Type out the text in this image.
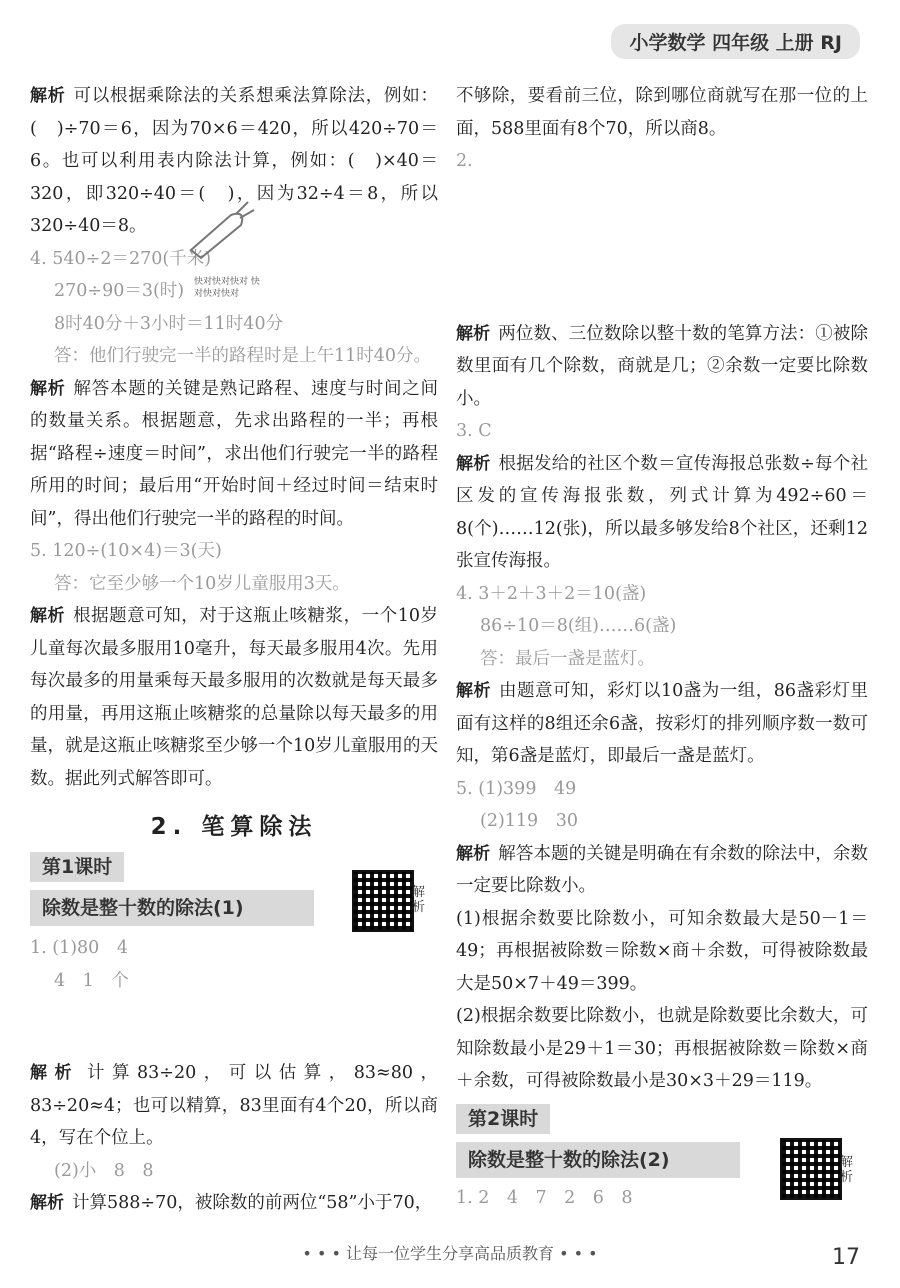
小学数学 四年级 上册 RJ

解析 可以根据乘除法的关系想乘法算除法，例如：(　)÷70＝6，因为70×6＝420，所以420÷70＝6。也可以利用表内除法计算，例如：(　)×40＝320，即320÷40＝(　)，因为32÷4＝8，所以320÷40＝8。

4. 540÷2＝270(千米)
270÷90＝3(时)
8时40分＋3小时＝11时40分
答：他们行驶完一半的路程时是上午11时40分。

解析 解答本题的关键是熟记路程、速度与时间之间的数量关系。根据题意，先求出路程的一半；再根据“路程÷速度＝时间”，求出他们行驶完一半的路程所用的时间；最后用“开始时间＋经过时间＝结束时间”，得出他们行驶完一半的路程的时间。

5. 120÷(10×4)＝3(天)
答：它至少够一个10岁儿童服用3天。

解析 根据题意可知，对于这瓶止咳糖浆，一个10岁儿童每次最多服用10毫升，每天最多服用4次。先用每次最多的用量乘每天最多服用的次数就是每天最多的用量，再用这瓶止咳糖浆的总量除以每天最多的用量，就是这瓶止咳糖浆至少够一个10岁儿童服用的天数。据此列式解答即可。

2. 笔算除法
第1课时
除数是整十数的除法(1)
1. (1)80　4
4　1　个

解析 计算83÷20，可以估算，83≈80，83÷20≈4；也可以精算，83里面有4个20，所以商4，写在个位上。

(2)小　8　8

解析 计算588÷70，被除数的前两位“58”小于70，

快对快对快对 快对快对快对
解析

不够除，要看前三位，除到哪位商就写在那一位的上面，588里面有8个70，所以商8。

2.

解析 两位数、三位数除以整十数的笔算方法：①被除数里面有几个除数，商就是几；②余数一定要比除数小。

3. C

解析 根据发给的社区个数＝宣传海报总张数÷每个社区发的宣传海报张数，列式计算为492÷60＝8(个)……12(张)，所以最多够发给8个社区，还剩12张宣传海报。

4. 3＋2＋3＋2＝10(盏)
86÷10＝8(组)……6(盏)
答：最后一盏是蓝灯。

解析 由题意可知，彩灯以10盏为一组，86盏彩灯里面有这样的8组还余6盏，按彩灯的排列顺序数一数可知，第6盏是蓝灯，即最后一盏是蓝灯。

5. (1)399　49
(2)119　30

解析 解答本题的关键是明确在有余数的除法中，余数一定要比除数小。

(1)根据余数要比除数小，可知余数最大是50－1＝49；再根据被除数＝除数×商＋余数，可得被除数最大是50×7＋49＝399。

(2)根据余数要比除数小，也就是除数要比余数大，可知除数最小是29＋1＝30；再根据被除数＝除数×商＋余数，可得被除数最小是30×3＋29＝119。

第2课时
除数是整十数的除法(2)
1. 2　4　7　2　6　8
解析
• • • 让每一位学生分享高品质教育 • • •	17
